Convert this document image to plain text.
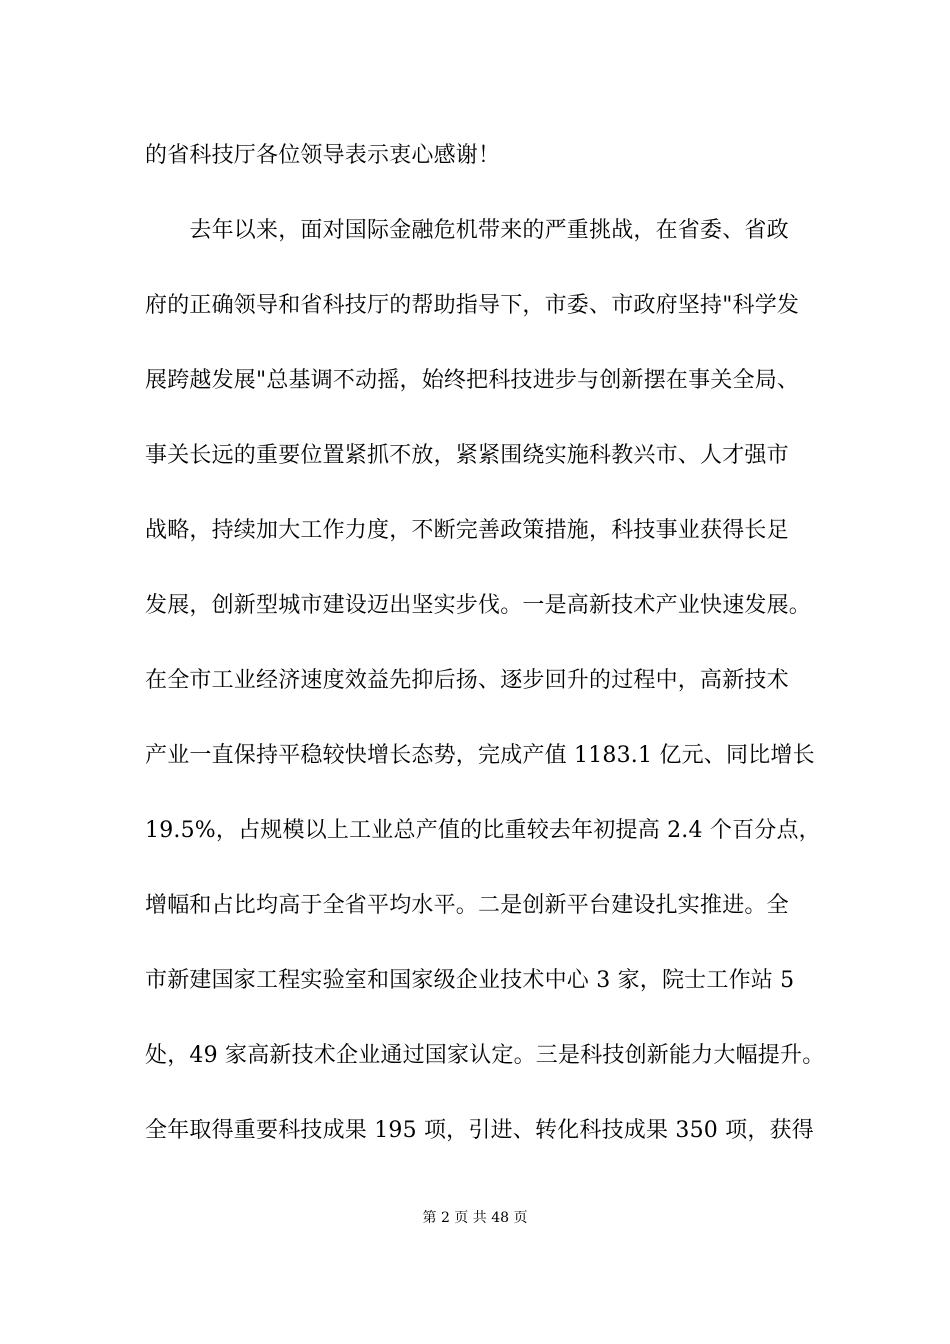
的省科技厅各位领导表示衷心感谢！
　　去年以来，面对国际金融危机带来的严重挑战，在省委、省政
府的正确领导和省科技厅的帮助指导下，市委、市政府坚持"科学发
展跨越发展"总基调不动摇，始终把科技进步与创新摆在事关全局、
事关长远的重要位置紧抓不放，紧紧围绕实施科教兴市、人才强市
战略，持续加大工作力度，不断完善政策措施，科技事业获得长足
发展，创新型城市建设迈出坚实步伐。一是高新技术产业快速发展。
在全市工业经济速度效益先抑后扬、逐步回升的过程中，高新技术
产业一直保持平稳较快增长态势，完成产值 1183.1 亿元、同比增长
19.5%，占规模以上工业总产值的比重较去年初提高 2.4 个百分点，
增幅和占比均高于全省平均水平。二是创新平台建设扎实推进。全
市新建国家工程实验室和国家级企业技术中心 3 家，院士工作站 5
处，49 家高新技术企业通过国家认定。三是科技创新能力大幅提升。
全年取得重要科技成果 195 项，引进、转化科技成果 350 项，获得
第 2 页 共 48 页
